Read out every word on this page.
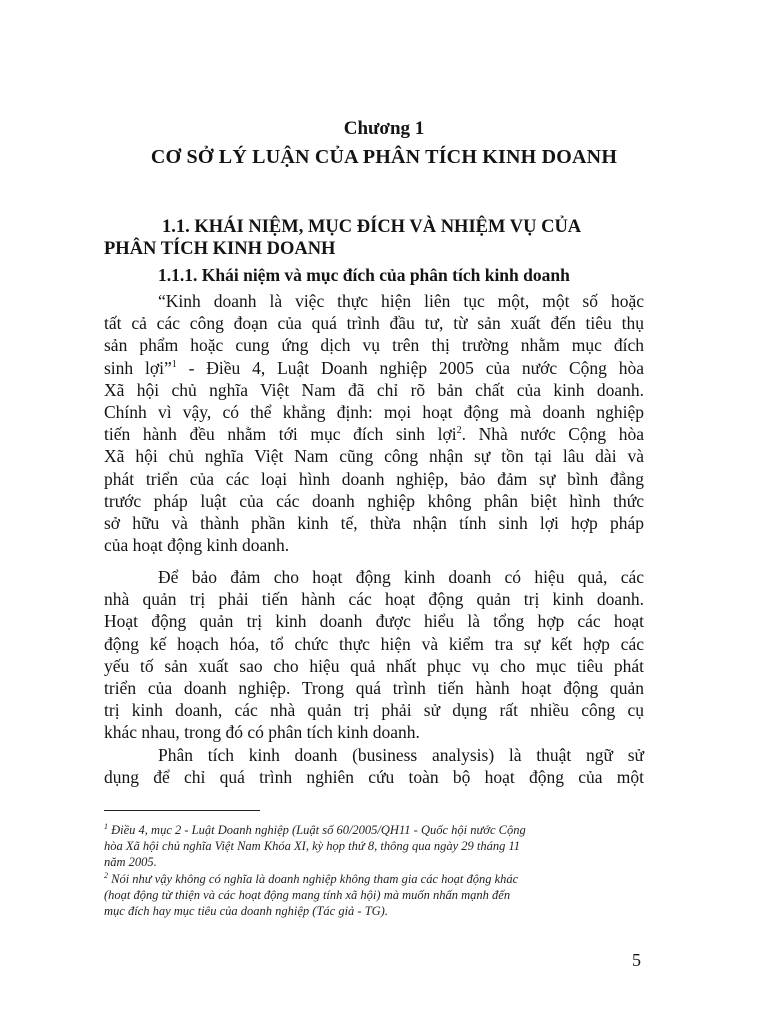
Chương 1
CƠ SỞ LÝ LUẬN CỦA PHÂN TÍCH KINH DOANH
1.1. KHÁI NIỆM, MỤC ĐÍCH VÀ NHIỆM VỤ CỦA
PHÂN TÍCH KINH DOANH
1.1.1. Khái niệm và mục đích của phân tích kinh doanh
“Kinh doanh là việc thực hiện liên tục một, một số hoặc
tất cả các công đoạn của quá trình đầu tư, từ sản xuất đến tiêu thụ
sản phẩm hoặc cung ứng dịch vụ trên thị trường nhằm mục đích
sinh lợi”$^1$ - Điều 4, Luật Doanh nghiệp 2005 của nước Cộng hòa
Xã hội chủ nghĩa Việt Nam đã chỉ rõ bản chất của kinh doanh.
Chính vì vậy, có thể khẳng định: mọi hoạt động mà doanh nghiệp
tiến hành đều nhằm tới mục đích sinh lợi$^2$. Nhà nước Cộng hòa
Xã hội chủ nghĩa Việt Nam cũng công nhận sự tồn tại lâu dài và
phát triển của các loại hình doanh nghiệp, bảo đảm sự bình đẳng
trước pháp luật của các doanh nghiệp không phân biệt hình thức
sở hữu và thành phần kinh tế, thừa nhận tính sinh lợi hợp pháp
của hoạt động kinh doanh.
Để bảo đảm cho hoạt động kinh doanh có hiệu quả, các
nhà quản trị phải tiến hành các hoạt động quản trị kinh doanh.
Hoạt động quản trị kinh doanh được hiểu là tổng hợp các hoạt
động kế hoạch hóa, tổ chức thực hiện và kiểm tra sự kết hợp các
yếu tố sản xuất sao cho hiệu quả nhất phục vụ cho mục tiêu phát
triển của doanh nghiệp. Trong quá trình tiến hành hoạt động quản
trị kinh doanh, các nhà quản trị phải sử dụng rất nhiều công cụ
khác nhau, trong đó có phân tích kinh doanh.
Phân tích kinh doanh (business analysis) là thuật ngữ sử
dụng để chỉ quá trình nghiên cứu toàn bộ hoạt động của một
$^1$ Điều 4, mục 2 - Luật Doanh nghiệp (Luật số 60/2005/QH11 - Quốc hội nước Cộng
hòa Xã hội chủ nghĩa Việt Nam Khóa XI, kỳ họp thứ 8, thông qua ngày 29 tháng 11
năm 2005.
$^2$ Nói như vậy không có nghĩa là doanh nghiệp không tham gia các hoạt động khác
(hoạt động từ thiện và các hoạt động mang tính xã hội) mà muốn nhấn mạnh đến
mục đích hay mục tiêu của doanh nghiệp (Tác giả - TG).
5
